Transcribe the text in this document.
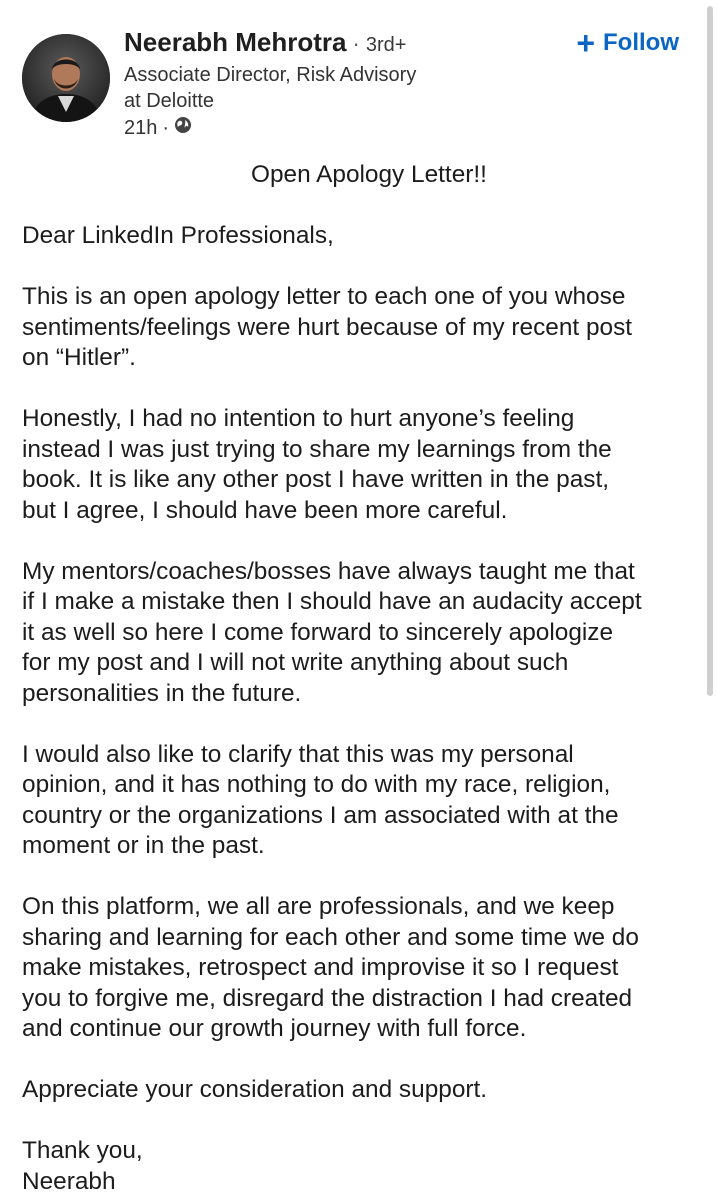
Neerabh Mehrotra · 3rd+
Associate Director, Risk Advisory
at Deloitte
21h ·
+ Follow

Open Apology Letter!!

Dear LinkedIn Professionals,

This is an open apology letter to each one of you whose
sentiments/feelings were hurt because of my recent post
on “Hitler”.

Honestly, I had no intention to hurt anyone’s feeling
instead I was just trying to share my learnings from the
book. It is like any other post I have written in the past,
but I agree, I should have been more careful.

My mentors/coaches/bosses have always taught me that
if I make a mistake then I should have an audacity accept
it as well so here I come forward to sincerely apologize
for my post and I will not write anything about such
personalities in the future.

I would also like to clarify that this was my personal
opinion, and it has nothing to do with my race, religion,
country or the organizations I am associated with at the
moment or in the past.

On this platform, we all are professionals, and we keep
sharing and learning for each other and some time we do
make mistakes, retrospect and improvise it so I request
you to forgive me, disregard the distraction I had created
and continue our growth journey with full force.

Appreciate your consideration and support.

Thank you,

Neerabh
